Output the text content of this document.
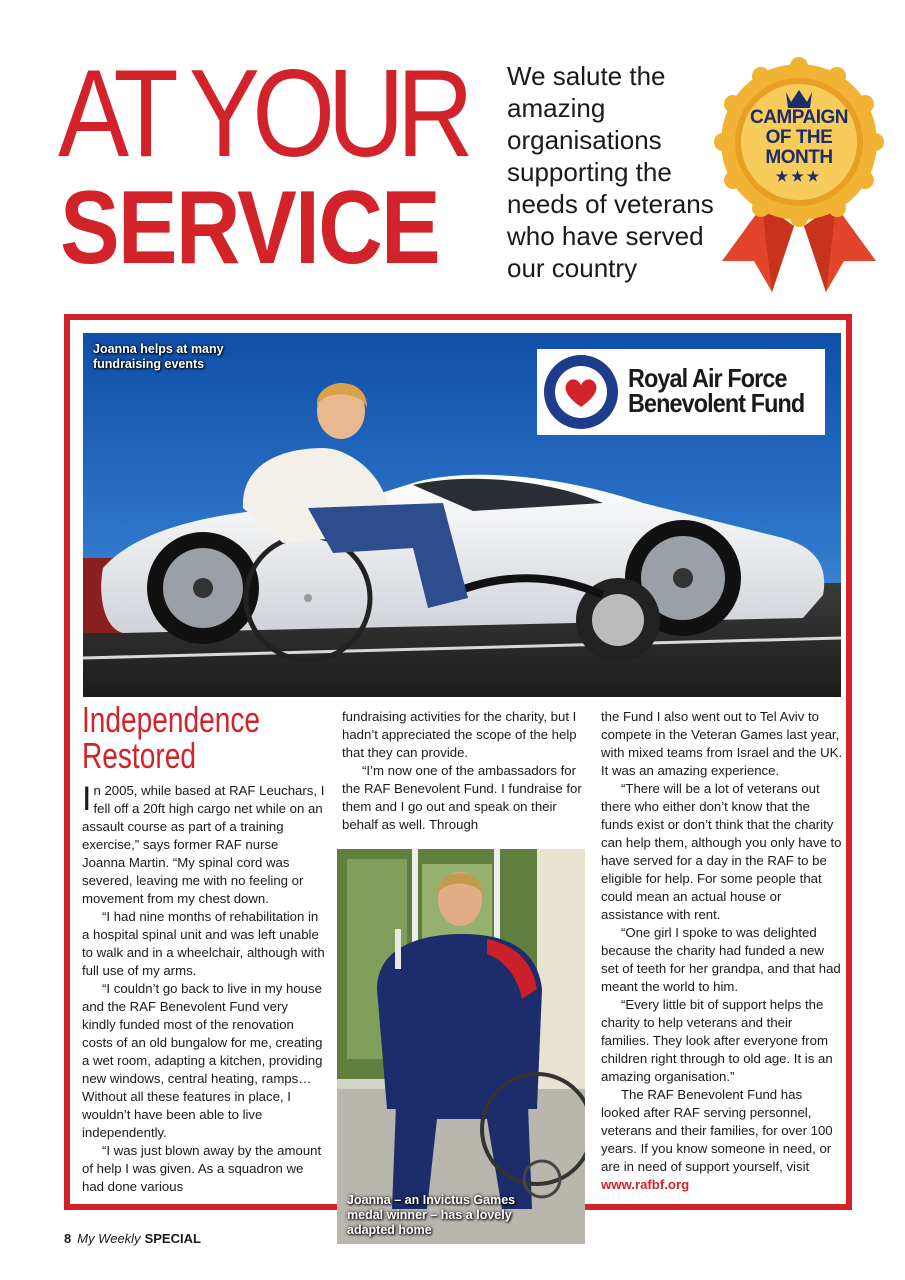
AT YOUR
SERVICE
We salute the amazing organisations supporting the needs of veterans who have served our country
CAMPAIGN
OF THE
MONTH
★★★
Joanna helps at many fundraising events	Royal Air Force
Benevolent Fund
Independence
Restored

In 2005, while based at RAF Leuchars, I fell off a 20ft high cargo net while on an assault course as part of a training exercise,” says former RAF nurse Joanna Martin. “My spinal cord was severed, leaving me with no feeling or movement from my chest down.

“I had nine months of rehabilitation in a hospital spinal unit and was left unable to walk and in a wheelchair, although with full use of my arms.

“I couldn’t go back to live in my house and the RAF Benevolent Fund very kindly funded most of the renovation costs of an old bungalow for me, creating a wet room, adapting a kitchen, providing new windows, central heating, ramps… Without all these features in place, I wouldn’t have been able to live independently.

“I was just blown away by the amount of help I was given. As a squadron we had done various

fundraising activities for the charity, but I hadn’t appreciated the scope of the help that they can provide.

“I’m now one of the ambassadors for the RAF Benevolent Fund. I fundraise for them and I go out and speak on their behalf as well. Through

the Fund I also went out to Tel Aviv to compete in the Veteran Games last year, with mixed teams from Israel and the UK. It was an amazing experience.

“There will be a lot of veterans out there who either don’t know that the funds exist or don’t think that the charity can help them, although you only have to have served for a day in the RAF to be eligible for help. For some people that could mean an actual house or assistance with rent.

“One girl I spoke to was delighted because the charity had funded a new set of teeth for her grandpa, and that had meant the world to him.

“Every little bit of support helps the charity to help veterans and their families. They look after everyone from children right through to old age. It is an amazing organisation.”

The RAF Benevolent Fund has looked after RAF serving personnel, veterans and their families, for over 100 years. If you know someone in need, or are in need of support yourself, visit www.rafbf.org

Joanna – an Invictus Games medal winner – has a lovely adapted home
8 My Weekly SPECIAL
